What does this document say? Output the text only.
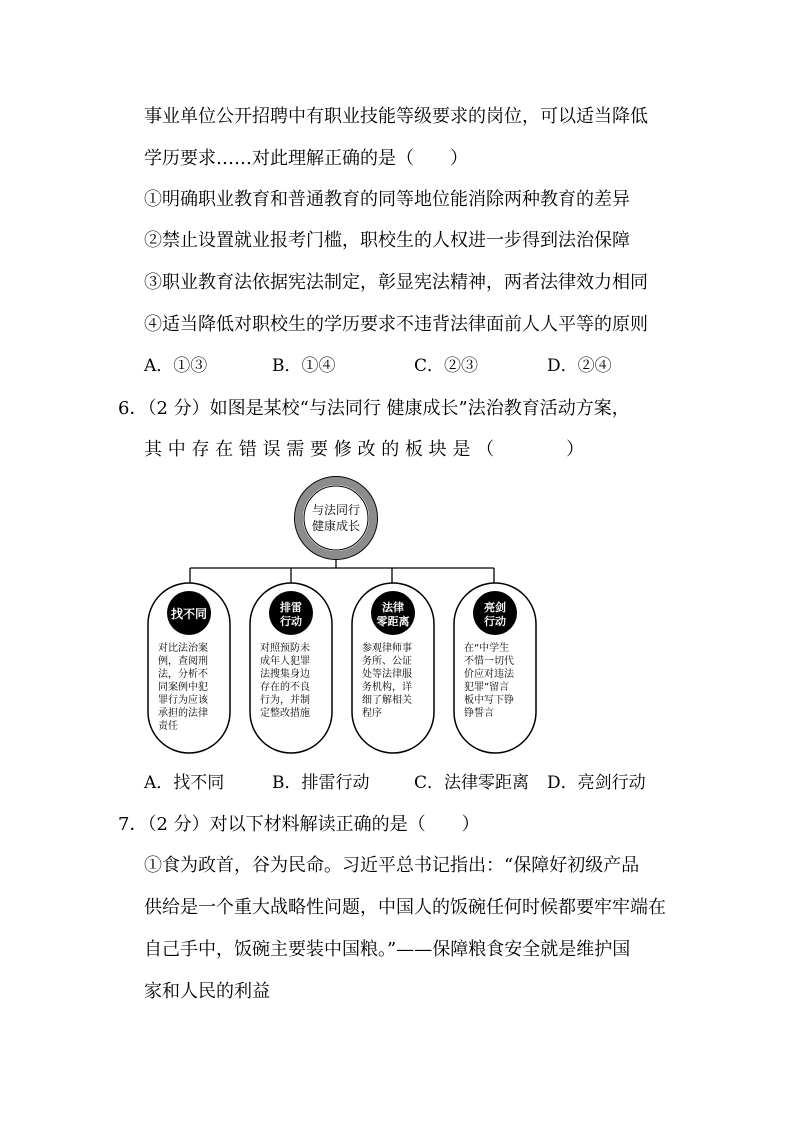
事业单位公开招聘中有职业技能等级要求的岗位，可以适当降低
学历要求……对此理解正确的是（　　）
①明确职业教育和普通教育的同等地位能消除两种教育的差异
②禁止设置就业报考门槛，职校生的人权进一步得到法治保障
③职业教育法依据宪法制定，彰显宪法精神，两者法律效力相同
④适当降低对职校生的学历要求不违背法律面前人人平等的原则
A．①③	B．①④	C．②③	D．②④
6．（2 分）如图是某校“与法同行 健康成长”法治教育活动方案，
其 中 存 在 错 误 需 要 修 改 的 板 块 是 （　　　　）
与法同行
健康成长
找不同
对比法治案
例，查阅刑
法，分析不
同案例中犯
罪行为应该
承担的法律
责任
排雷
行动
对照预防未
成年人犯罪
法搜集身边
存在的不良
行为，并制
定整改措施
法律
零距离
参观律师事
务所、公证
处等法律服
务机构，详
细了解相关
程序
亮剑
行动
在“中学生
不惜一切代
价应对违法
犯罪”留言
板中写下铮
铮誓言
A．找不同	B．排雷行动	C．法律零距离 D．亮剑行动
7．（2 分）对以下材料解读正确的是（　　）
①食为政首，谷为民命。习近平总书记指出：“保障好初级产品
供给是一个重大战略性问题，中国人的饭碗任何时候都要牢牢端在
自己手中，饭碗主要装中国粮。”——保障粮食安全就是维护国
家和人民的利益
